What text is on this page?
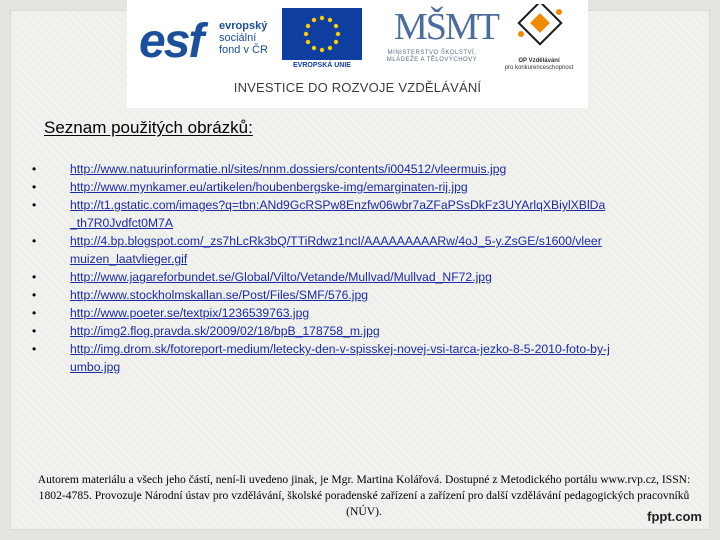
esf evropský
sociální
fond v ČR
EVROPSKÁ UNIE
MŠMT
MINISTERSTVO ŠKOLSTVÍ,
MLÁDEŽE A TĚLOVÝCHOVY	OP Vzdělávání
pro konkurenceschopnost
INVESTICE DO ROZVOJE VZDĚLÁVÁNÍ
Seznam použitých obrázků:
• http://www.natuurinformatie.nl/sites/nnm.dossiers/contents/i004512/vleermuis.jpg
• http://www.mynkamer.eu/artikelen/houbenbergske-img/emarginaten-rij.jpg
• http://t1.gstatic.com/images?q=tbn:ANd9GcRSPw8Enzfw06wbr7aZFaPSsDkFz3UYArlqXBiylXBlDa_th7R0Jvdfct0M7A
• http://4.bp.blogspot.com/_zs7hLcRk3bQ/TTiRdwz1ncI/AAAAAAAAARw/4oJ_5-y.ZsGE/s1600/vleermuizen_laatvlieger.gif
• http://www.jagareforbundet.se/Global/Vilto/Vetande/Mullvad/Mullvad_NF72.jpg
• http://www.stockholmskallan.se/Post/Files/SMF/576.jpg
• http://www.poeter.se/textpix/1236539763.jpg
• http://img2.flog.pravda.sk/2009/02/18/bpB_178758_m.jpg
• http://img.drom.sk/fotoreport-medium/letecky-den-v-spisskej-novej-vsi-tarca-jezko-8-5-2010-foto-by-jumbo.jpg
Autorem materiálu a všech jeho částí, není-li uvedeno jinak, je Mgr. Martina Kolářová. Dostupné z Metodického portálu www.rvp.cz, ISSN: 1802-4785. Provozuje Národní ústav pro vzdělávání, školské poradenské zařízení a zařízení pro další vzdělávání pedagogických pracovníků (NÚV).	fppt.com
